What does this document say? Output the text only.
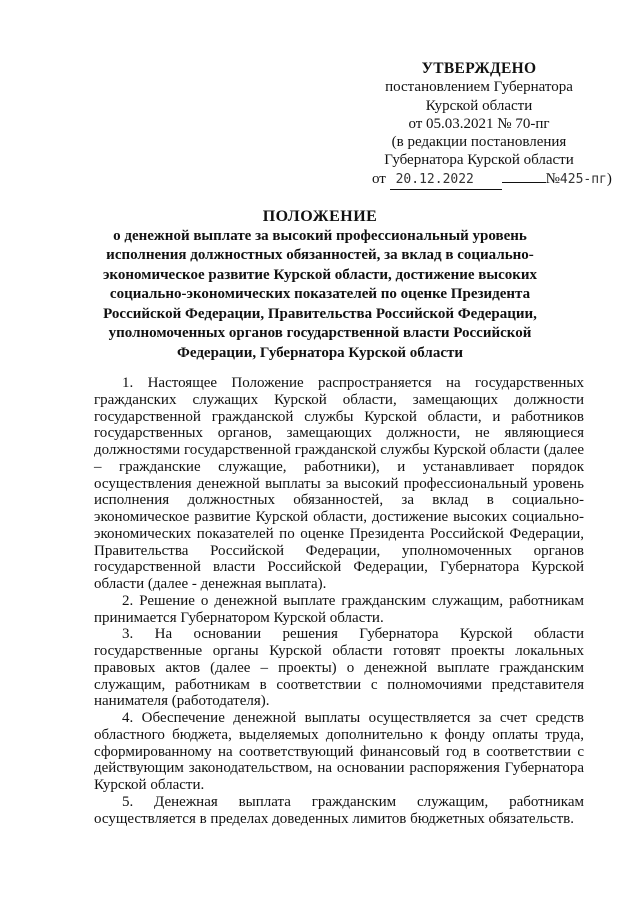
УТВЕРЖДЕНО
постановлением Губернатора
Курской области
от 05.03.2021 № 70-пг
(в редакции постановления
Губернатора Курской области
от 20.12.2022	№425-пг)
ПОЛОЖЕНИЕ
о денежной выплате за высокий профессиональный уровень
исполнения должностных обязанностей, за вклад в социально-
экономическое развитие Курской области, достижение высоких
социально-экономических показателей по оценке Президента
Российской Федерации, Правительства Российской Федерации,
уполномоченных органов государственной власти Российской
Федерации, Губернатора Курской области

1. Настоящее Положение распространяется на государственных гражданских служащих Курской области, замещающих должности государственной гражданской службы Курской области, и работников государственных органов, замещающих должности, не являющиеся должностями государственной гражданской службы Курской области (далее – гражданские служащие, работники), и устанавливает порядок осуществления денежной выплаты за высокий профессиональный уровень исполнения должностных обязанностей, за вклад в социально-экономическое развитие Курской области, достижение высоких социально-экономических показателей по оценке Президента Российской Федерации, Правительства Российской Федерации, уполномоченных органов государственной власти Российской Федерации, Губернатора Курской области (далее - денежная выплата).

2. Решение о денежной выплате гражданским служащим, работникам принимается Губернатором Курской области.

3. На основании решения Губернатора Курской области государственные органы Курской области готовят проекты локальных правовых актов (далее – проекты) о денежной выплате гражданским служащим, работникам в соответствии с полномочиями представителя нанимателя (работодателя).

4. Обеспечение денежной выплаты осуществляется за счет средств областного бюджета, выделяемых дополнительно к фонду оплаты труда, сформированному на соответствующий финансовый год в соответствии с действующим законодательством, на основании распоряжения Губернатора Курской области.

5. Денежная выплата гражданским служащим, работникам осуществляется в пределах доведенных лимитов бюджетных обязательств.
